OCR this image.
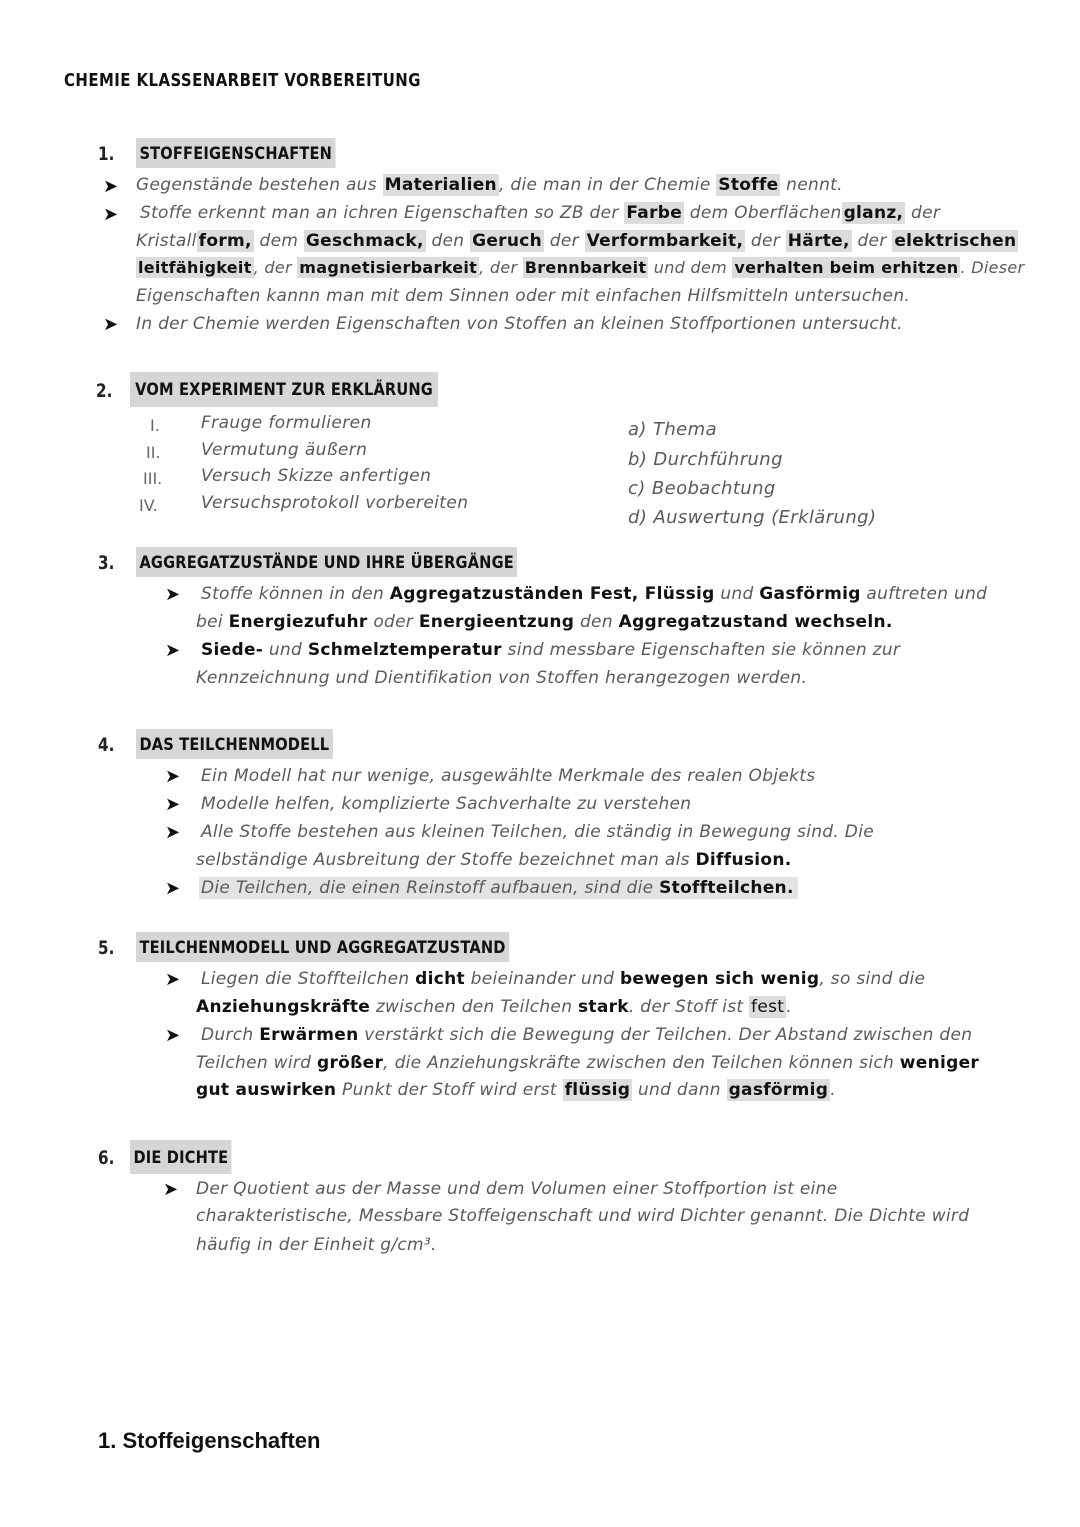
CHEMIE KLASSENARBEIT VORBEREITUNG
1. STOFFEIGENSCHAFTEN
➤ Gegenstände bestehen aus Materialien , die man in der Chemie Stoffe nennt.
➤ Stoffe erkennt man an ichren Eigenschaften so ZB der Farbe dem Oberflächen glanz, der
Kristall form, dem Geschmack, den Geruch der Verformbarkeit, der Härte, der elektrischen
leitfähigkeit , der magnetisierbarkeit , der Brennbarkeit und dem verhalten beim erhitzen . Dieser
Eigenschaften kannn man mit dem Sinnen oder mit einfachen Hilfsmitteln untersuchen.
➤ In der Chemie werden Eigenschaften von Stoffen an kleinen Stoffportionen untersucht.
2.	VOM EXPERIMENT ZUR ERKLÄRUNG
I.
II.
III.
IV.
Frauge formulieren
Vermutung äußern
Versuch Skizze anfertigen
Versuchsprotokoll vorbereiten
a) Thema
b) Durchführung
c) Beobachtung
d) Auswertung (Erklärung)
3. AGGREGATZUSTÄNDE UND IHRE ÜBERGÄNGE
➤ Stoffe können in den Aggregatzuständen Fest, Flüssig und Gasförmig auftreten und
bei Energiezufuhr oder Energieentzung den Aggregatzustand wechseln.
➤ Siede- und Schmelztemperatur sind messbare Eigenschaften sie können zur
Kennzeichnung und Dientifikation von Stoffen herangezogen werden.
4. DAS TEILCHENMODELL
➤ Ein Modell hat nur wenige, ausgewählte Merkmale des realen Objekts
➤ Modelle helfen, komplizierte Sachverhalte zu verstehen
➤ Alle Stoffe bestehen aus kleinen Teilchen, die ständig in Bewegung sind. Die
selbständige Ausbreitung der Stoffe bezeichnet man als Diffusion.
➤ Die Teilchen, die einen Reinstoff aufbauen, sind die Stoffteilchen.
5. TEILCHENMODELL UND AGGREGATZUSTAND
➤ Liegen die Stoffteilchen dicht beieinander und bewegen sich wenig, so sind die
Anziehungskräfte zwischen den Teilchen stark. der Stoff ist fest .
➤ Durch Erwärmen verstärkt sich die Bewegung der Teilchen. Der Abstand zwischen den
Teilchen wird größer, die Anziehungskräfte zwischen den Teilchen können sich weniger
gut auswirken Punkt der Stoff wird erst flüssig und dann gasförmig .
6. DIE DICHTE
➤ Der Quotient aus der Masse und dem Volumen einer Stoffportion ist eine
charakteristische, Messbare Stoffeigenschaft und wird Dichter genannt. Die Dichte wird
häufig in der Einheit g/cm³.
1. Stoffeigenschaften
